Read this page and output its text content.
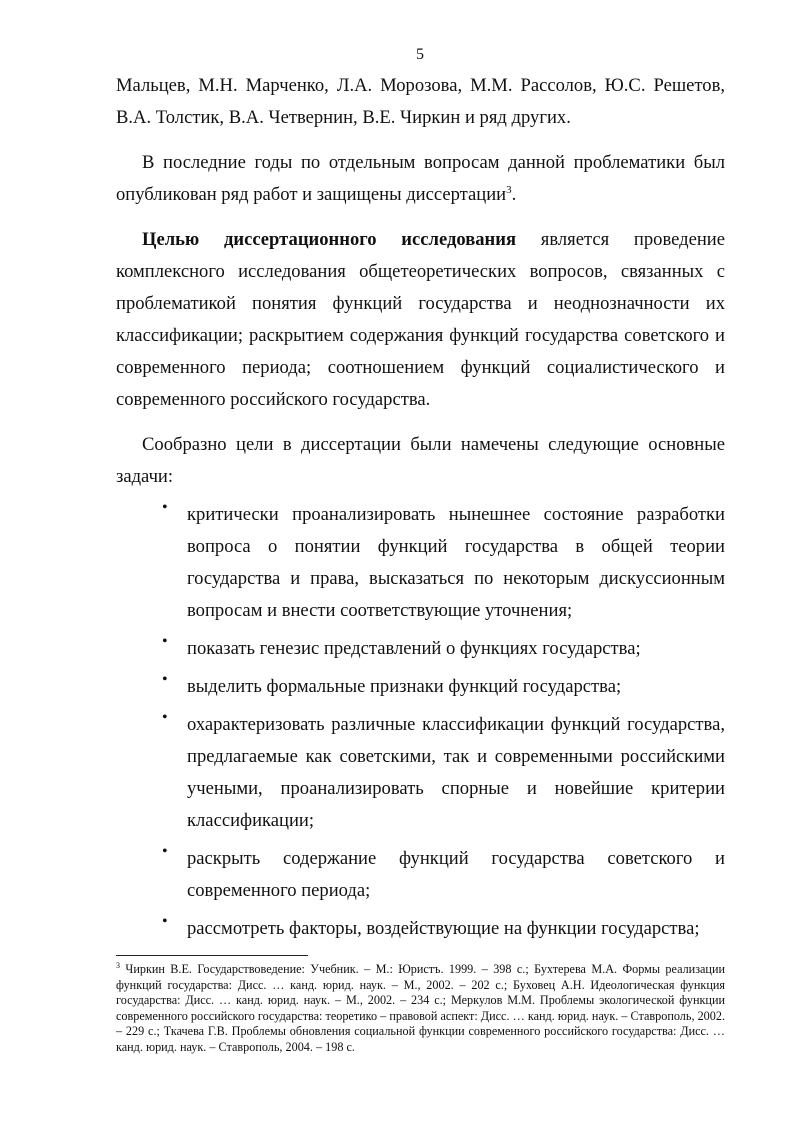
5

Мальцев, М.Н. Марченко, Л.А. Морозова, М.М. Рассолов, Ю.С. Решетов, В.А. Толстик, В.А. Четвернин, В.Е. Чиркин и ряд других.

В последние годы по отдельным вопросам данной проблематики был опубликован ряд работ и защищены диссертации$^3$.

Целью диссертационного исследования является проведение комплексного исследования общетеоретических вопросов, связанных с проблематикой понятия функций государства и неоднозначности их классификации; раскрытием содержания функций государства советского и современного периода; соотношением функций социалистического и современного российского государства.

Сообразно цели в диссертации были намечены следующие основные задачи:

• критически проанализировать нынешнее состояние разработки вопроса о понятии функций государства в общей теории государства и права, высказаться по некоторым дискуссионным вопросам и внести соответствующие уточнения;
• показать генезис представлений о функциях государства;
• выделить формальные признаки функций государства;
• охарактеризовать различные классификации функций государства, предлагаемые как советскими, так и современными российскими учеными, проанализировать спорные и новейшие критерии классификации;
• раскрыть содержание функций государства советского и современного периода;
• рассмотреть факторы, воздействующие на функции государства;

$^3$ Чиркин В.Е. Государствоведение: Учебник. – М.: Юристъ. 1999. – 398 с.; Бухтерева М.А. Формы реализации функций государства: Дисс. … канд. юрид. наук. – М., 2002. – 202 с.; Буховец А.Н. Идеологическая функция государства: Дисс. … канд. юрид. наук. – М., 2002. – 234 с.; Меркулов М.М. Проблемы экологической функции современного российского государства: теоретико – правовой аспект: Дисс. … канд. юрид. наук. – Ставрополь, 2002. – 229 с.; Ткачева Г.В. Проблемы обновления социальной функции современного российского государства: Дисс. … канд. юрид. наук. – Ставрополь, 2004. – 198 с.
